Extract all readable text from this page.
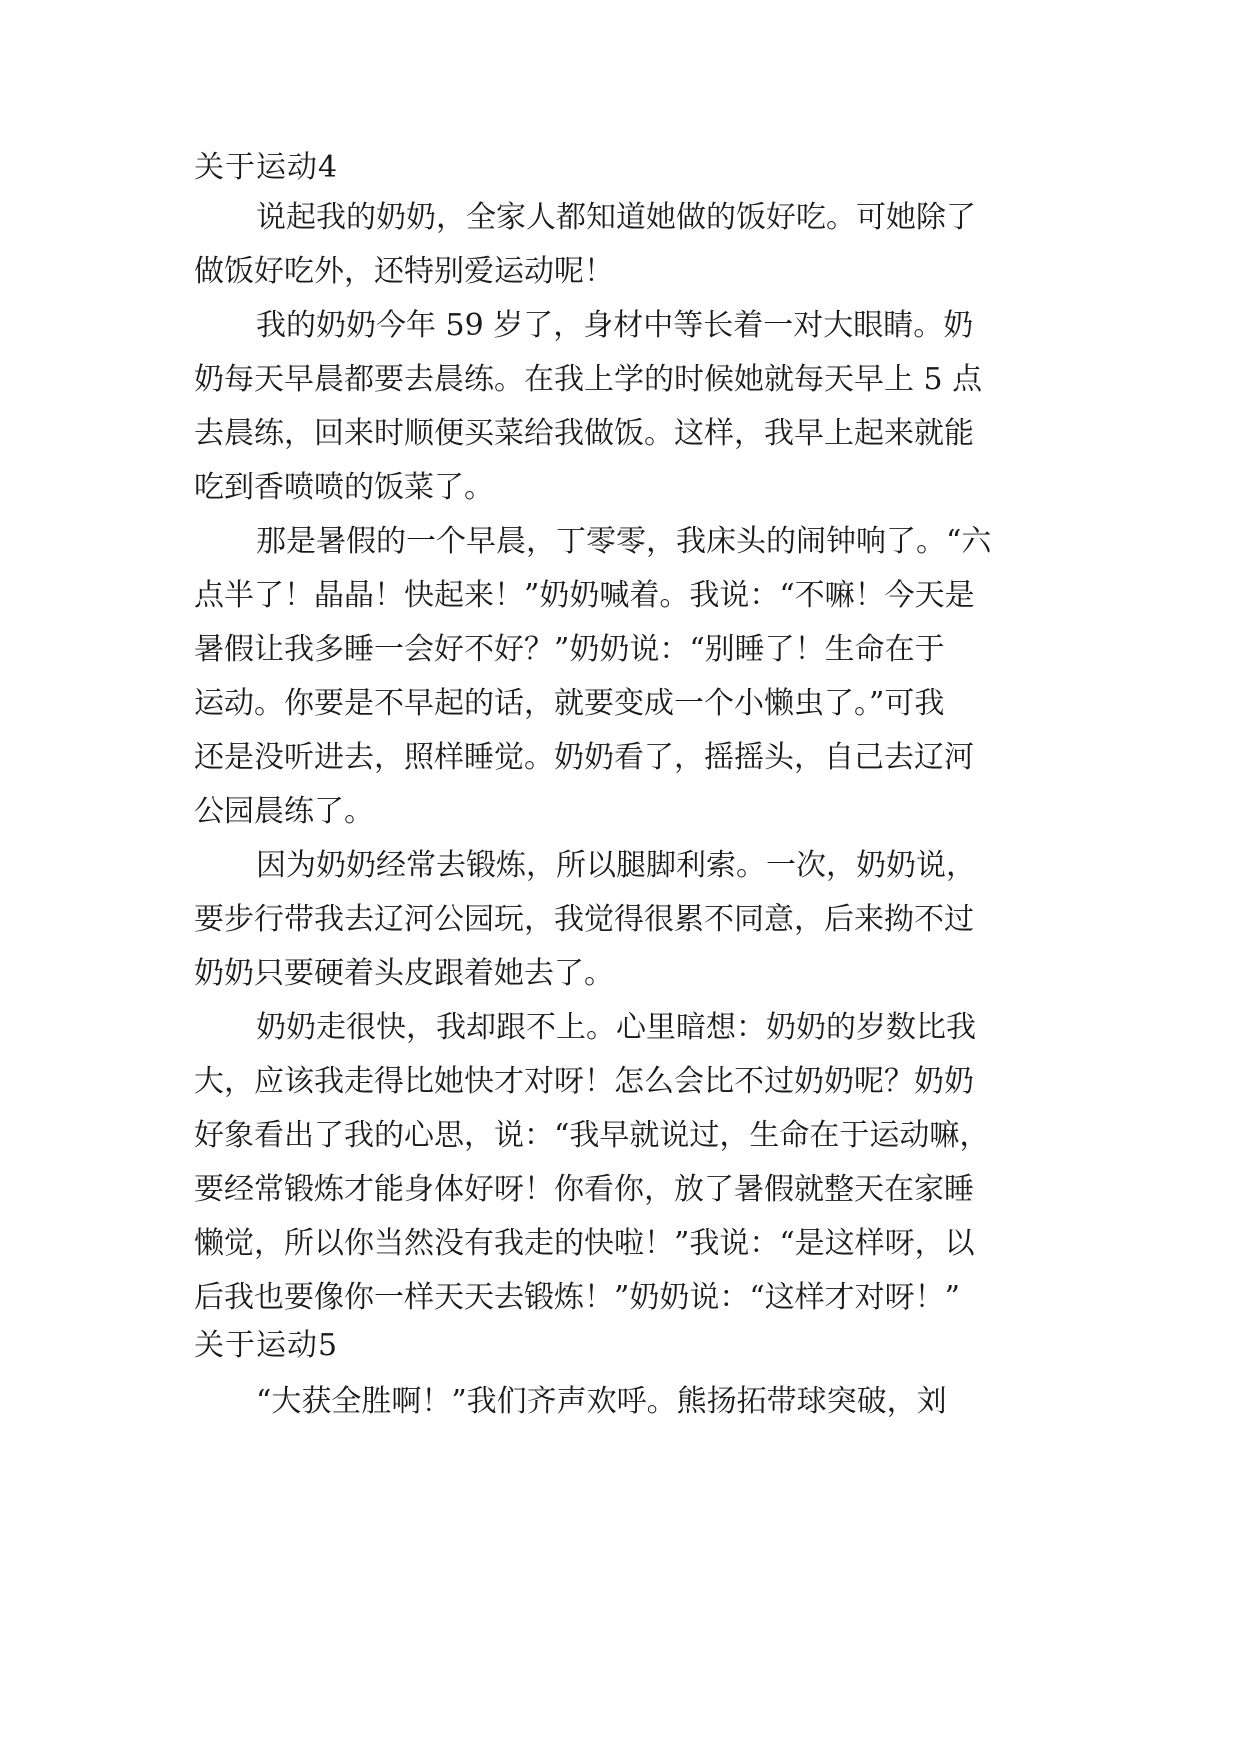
关于运动4
说起我的奶奶，全家人都知道她做的饭好吃。可她除了
做饭好吃外，还特别爱运动呢！
我的奶奶今年 59 岁了，身材中等长着一对大眼睛。奶
奶每天早晨都要去晨练。在我上学的时候她就每天早上 5 点
去晨练，回来时顺便买菜给我做饭。这样，我早上起来就能
吃到香喷喷的饭菜了。
那是暑假的一个早晨，丁零零，我床头的闹钟响了。“六
点半了！晶晶！快起来！”奶奶喊着。我说：“不嘛！今天是
暑假让我多睡一会好不好？”奶奶说：“别睡了！生命在于
运动。你要是不早起的话，就要变成一个小懒虫了。”可我
还是没听进去，照样睡觉。奶奶看了，摇摇头，自己去辽河
公园晨练了。
因为奶奶经常去锻炼，所以腿脚利索。一次，奶奶说，
要步行带我去辽河公园玩，我觉得很累不同意，后来拗不过
奶奶只要硬着头皮跟着她去了。
奶奶走很快，我却跟不上。心里暗想：奶奶的岁数比我
大，应该我走得比她快才对呀！怎么会比不过奶奶呢？奶奶
好象看出了我的心思，说：“我早就说过，生命在于运动嘛，
要经常锻炼才能身体好呀！你看你，放了暑假就整天在家睡
懒觉，所以你当然没有我走的快啦！”我说：“是这样呀，以
后我也要像你一样天天去锻炼！”奶奶说：“这样才对呀！”
关于运动5
“大获全胜啊！”我们齐声欢呼。熊扬拓带球突破，刘
